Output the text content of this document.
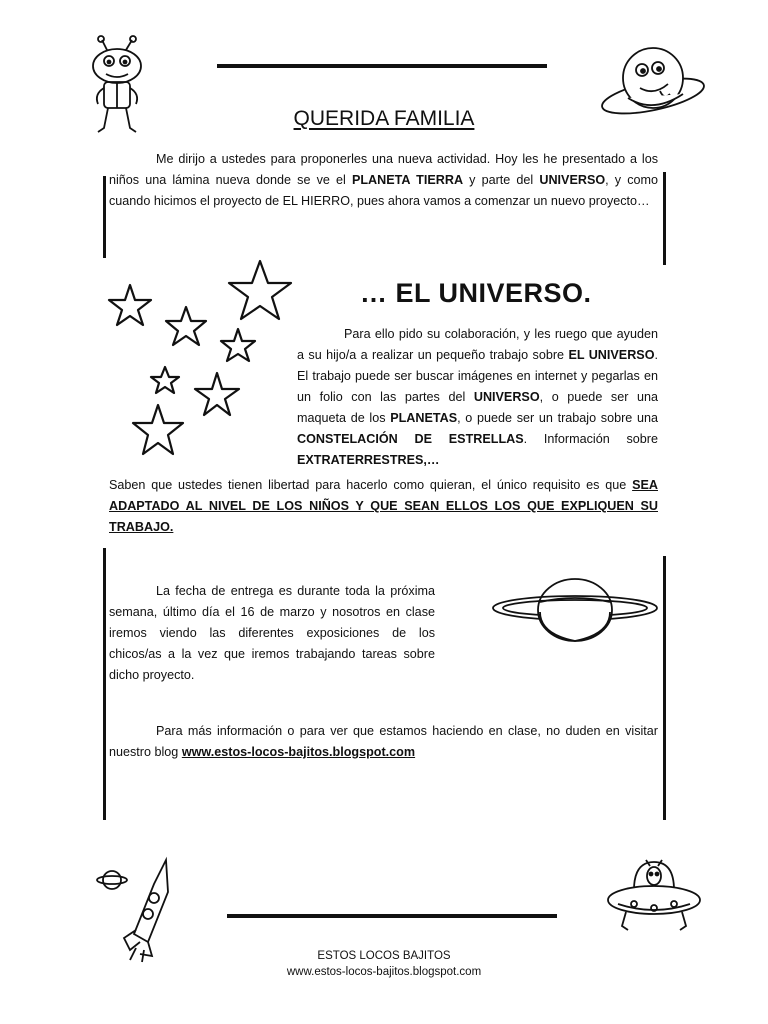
QUERIDA FAMILIA
Me dirijo a ustedes para proponerles una nueva actividad. Hoy les he presentado a los niños una lámina nueva donde se ve el PLANETA TIERRA y parte del UNIVERSO, y como cuando hicimos el proyecto de EL HIERRO, pues ahora vamos a comenzar un nuevo proyecto…
… EL UNIVERSO.
Para ello pido su colaboración, y les ruego que ayuden a su hijo/a a realizar un pequeño trabajo sobre EL UNIVERSO. El trabajo puede ser buscar imágenes en internet y pegarlas en un folio con las partes del UNIVERSO, o puede ser una maqueta de los PLANETAS, o puede ser un trabajo sobre una CONSTELACIÓN DE ESTRELLAS. Información sobre EXTRATERRESTRES,…
Saben que ustedes tienen libertad para hacerlo como quieran, el único requisito es que SEA ADAPTADO AL NIVEL DE LOS NIÑOS Y QUE SEAN ELLOS LOS QUE EXPLIQUEN SU TRABAJO.
La fecha de entrega es durante toda la próxima semana, último día el 16 de marzo y nosotros en clase iremos viendo las diferentes exposiciones de los chicos/as a la vez que iremos trabajando tareas sobre dicho proyecto.
Para más información o para ver que estamos haciendo en clase, no duden en visitar nuestro blog www.estos-locos-bajitos.blogspot.com
ESTOS LOCOS BAJITOS
www.estos-locos-bajitos.blogspot.com
